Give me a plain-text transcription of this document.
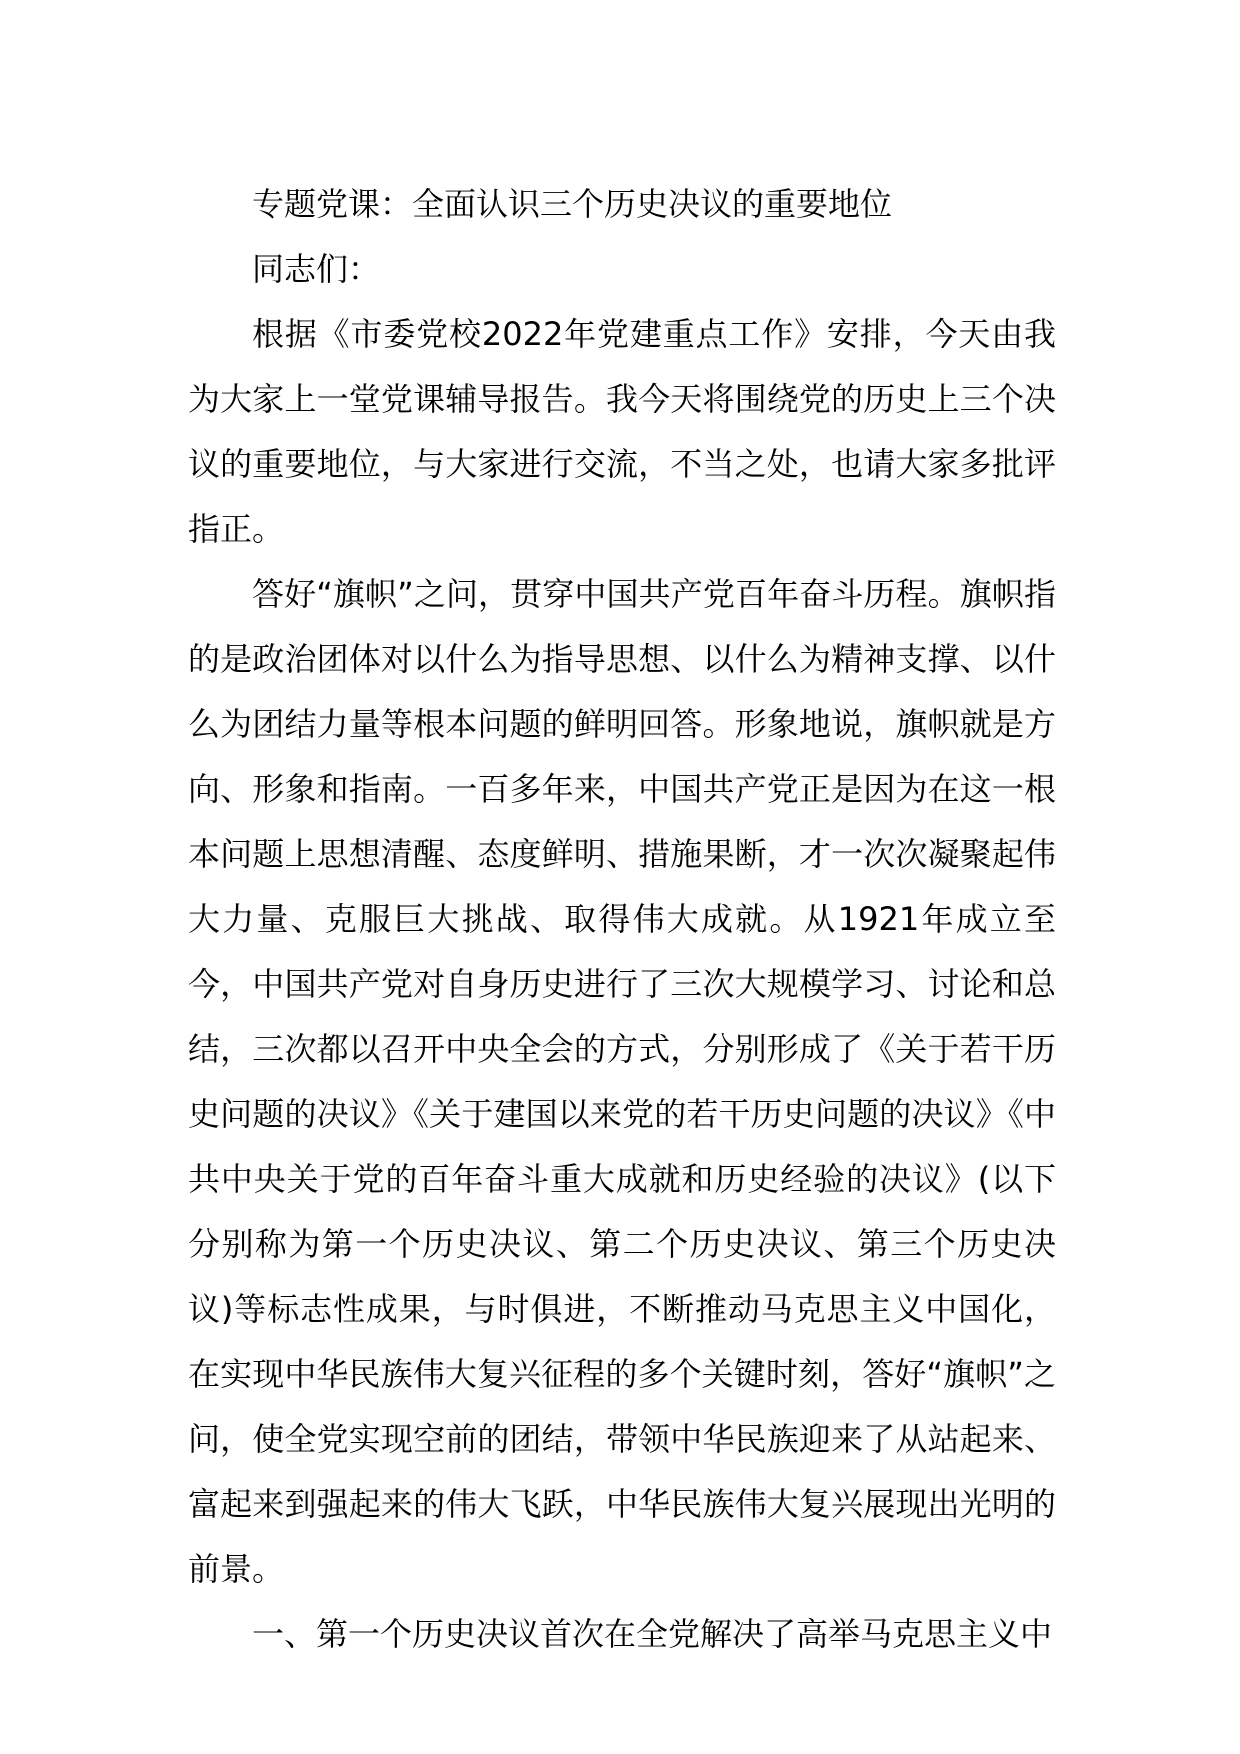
专题党课：全面认识三个历史决议的重要地位

同志们：

根据《市委党校2022年党建重点工作》安排，今天由我为大家上一堂党课辅导报告。我今天将围绕党的历史上三个决议的重要地位，与大家进行交流，不当之处，也请大家多批评指正。

答好“旗帜”之问，贯穿中国共产党百年奋斗历程。旗帜指的是政治团体对以什么为指导思想、以什么为精神支撑、以什么为团结力量等根本问题的鲜明回答。形象地说，旗帜就是方向、形象和指南。一百多年来，中国共产党正是因为在这一根本问题上思想清醒、态度鲜明、措施果断，才一次次凝聚起伟大力量、克服巨大挑战、取得伟大成就。从1921年成立至今，中国共产党对自身历史进行了三次大规模学习、讨论和总结，三次都以召开中央全会的方式，分别形成了《关于若干历史问题的决议》《关于建国以来党的若干历史问题的决议》《中共中央关于党的百年奋斗重大成就和历史经验的决议》(以下分别称为第一个历史决议、第二个历史决议、第三个历史决议)等标志性成果，与时俱进，不断推动马克思主义中国化，在实现中华民族伟大复兴征程的多个关键时刻，答好“旗帜”之问，使全党实现空前的团结，带领中华民族迎来了从站起来、富起来到强起来的伟大飞跃，中华民族伟大复兴展现出光明的前景。

一、第一个历史决议首次在全党解决了高举马克思主义中
